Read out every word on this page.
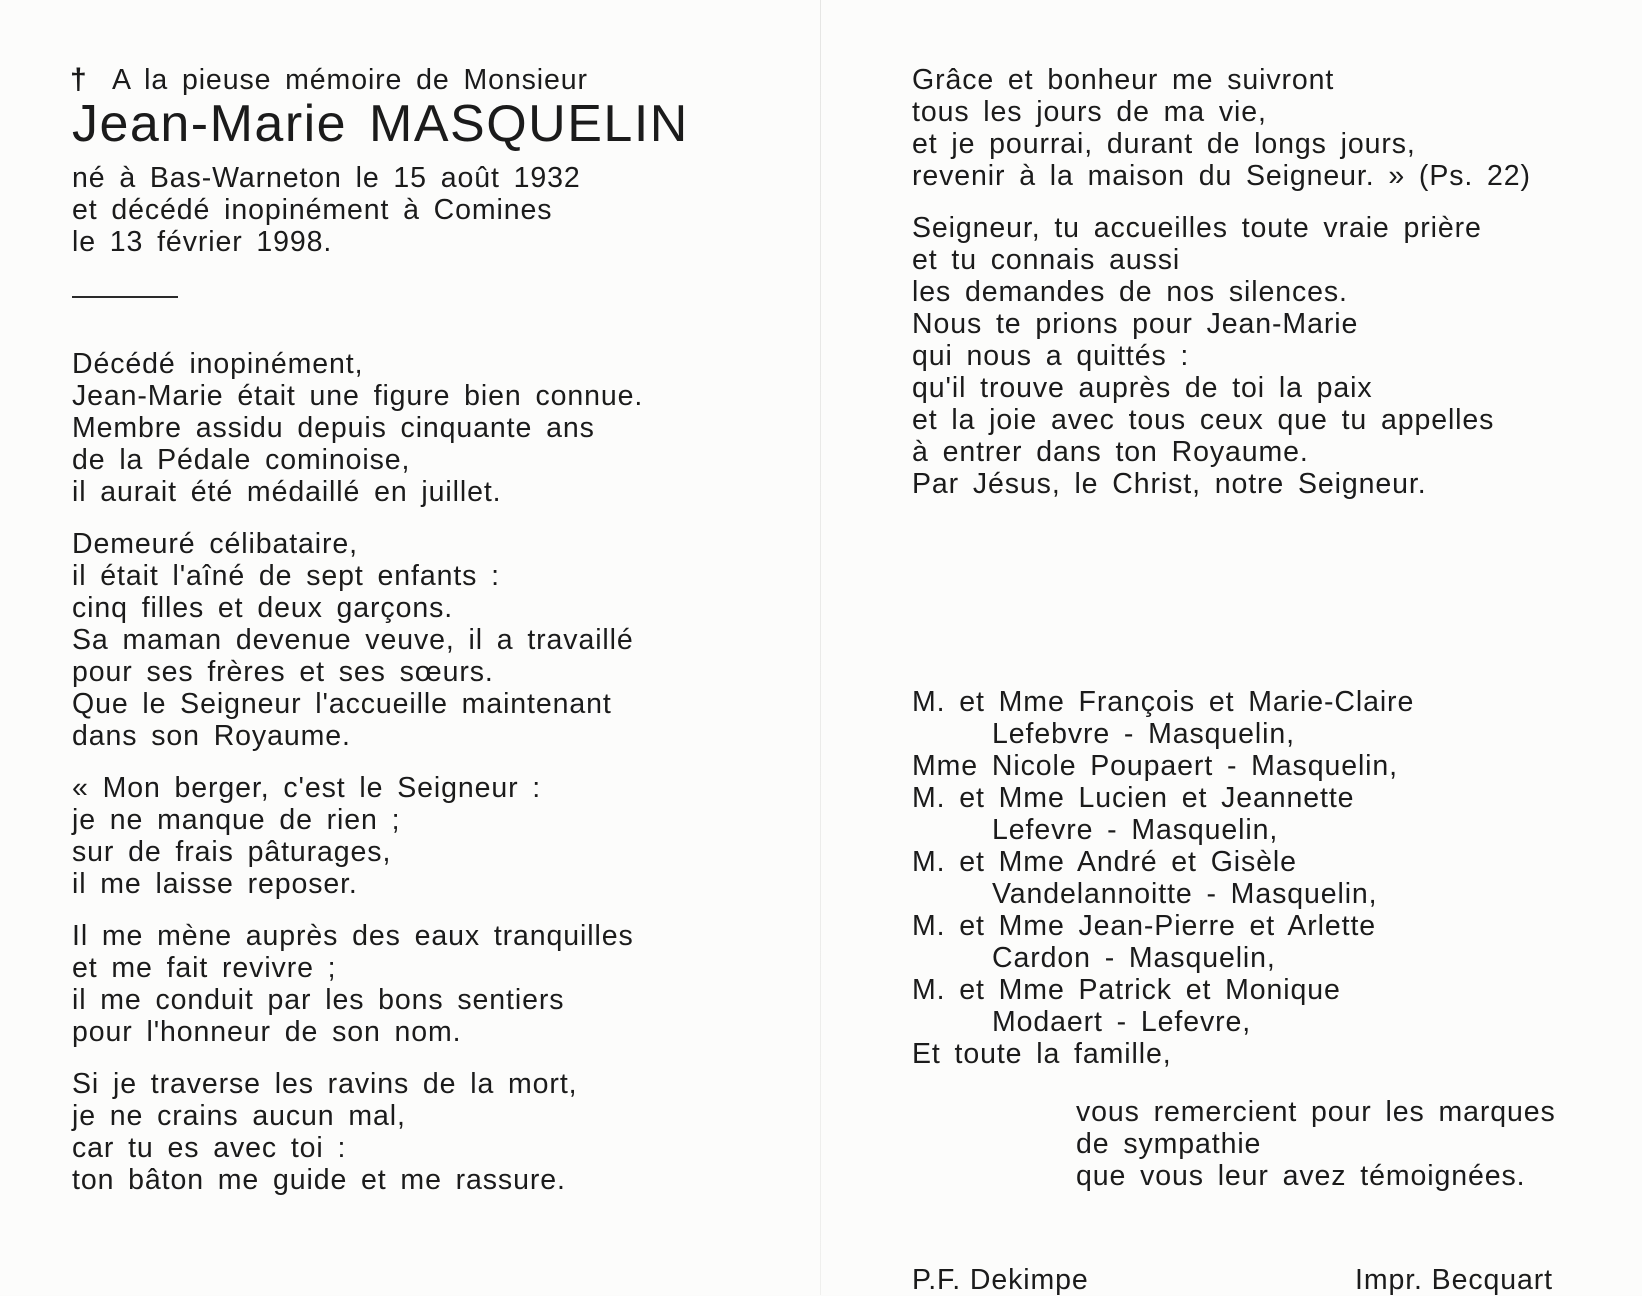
† A la pieuse mémoire de Monsieur
Jean-Marie MASQUELIN
né à Bas-Warneton le 15 août 1932
et décédé inopinément à Comines
le 13 février 1998.
Décédé inopinément,
Jean-Marie était une figure bien connue.
Membre assidu depuis cinquante ans
de la Pédale cominoise,
il aurait été médaillé en juillet.
Demeuré célibataire,
il était l'aîné de sept enfants :
cinq filles et deux garçons.
Sa maman devenue veuve, il a travaillé
pour ses frères et ses sœurs.
Que le Seigneur l'accueille maintenant
dans son Royaume.
« Mon berger, c'est le Seigneur :
je ne manque de rien ;
sur de frais pâturages,
il me laisse reposer.
Il me mène auprès des eaux tranquilles
et me fait revivre ;
il me conduit par les bons sentiers
pour l'honneur de son nom.
Si je traverse les ravins de la mort,
je ne crains aucun mal,
car tu es avec toi :
ton bâton me guide et me rassure.
Grâce et bonheur me suivront
tous les jours de ma vie,
et je pourrai, durant de longs jours,
revenir à la maison du Seigneur. » (Ps. 22)
Seigneur, tu accueilles toute vraie prière
et tu connais aussi
les demandes de nos silences.
Nous te prions pour Jean-Marie
qui nous a quittés :
qu'il trouve auprès de toi la paix
et la joie avec tous ceux que tu appelles
à entrer dans ton Royaume.
Par Jésus, le Christ, notre Seigneur.
M. et Mme François et Marie-Claire
Lefebvre - Masquelin,
Mme Nicole Poupaert - Masquelin,
M. et Mme Lucien et Jeannette
Lefevre - Masquelin,
M. et Mme André et Gisèle
Vandelannoitte - Masquelin,
M. et Mme Jean-Pierre et Arlette
Cardon - Masquelin,
M. et Mme Patrick et Monique
Modaert - Lefevre,
Et toute la famille,
vous remercient pour les marques
de sympathie
que vous leur avez témoignées.
P.F. Dekimpe	Impr. Becquart
